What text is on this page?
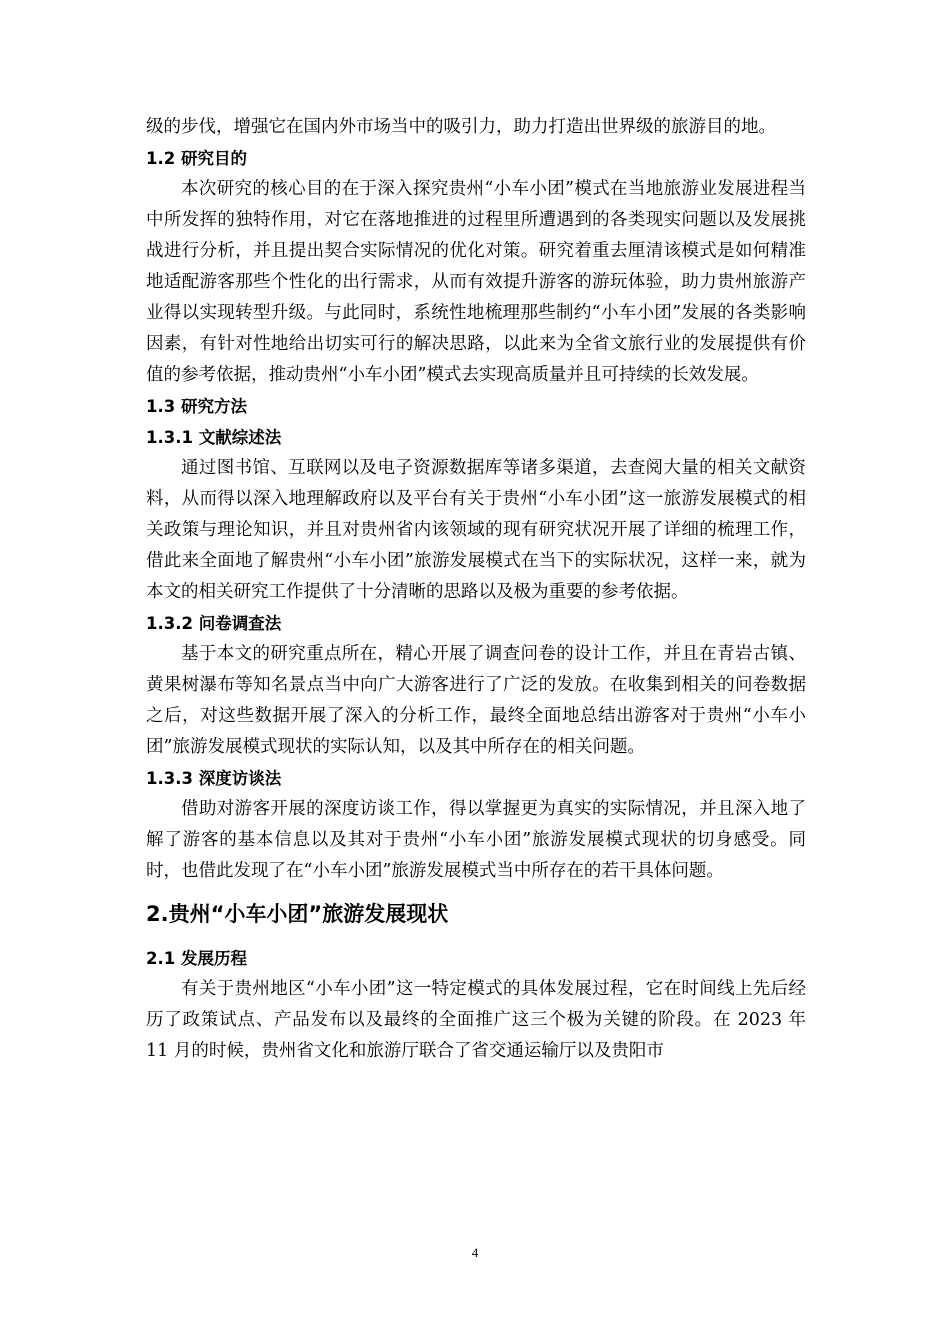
级的步伐，增强它在国内外市场当中的吸引力，助力打造出世界级的旅游目的地。

1.2 研究目的

本次研究的核心目的在于深入探究贵州“小车小团”模式在当地旅游业发展进程当中所发挥的独特作用，对它在落地推进的过程里所遭遇到的各类现实问题以及发展挑战进行分析，并且提出契合实际情况的优化对策。研究着重去厘清该模式是如何精准地适配游客那些个性化的出行需求，从而有效提升游客的游玩体验，助力贵州旅游产业得以实现转型升级。与此同时，系统性地梳理那些制约“小车小团”发展的各类影响因素，有针对性地给出切实可行的解决思路，以此来为全省文旅行业的发展提供有价值的参考依据，推动贵州“小车小团”模式去实现高质量并且可持续的长效发展。

1.3 研究方法
1.3.1 文献综述法

通过图书馆、互联网以及电子资源数据库等诸多渠道，去查阅大量的相关文献资料，从而得以深入地理解政府以及平台有关于贵州“小车小团”这一旅游发展模式的相关政策与理论知识，并且对贵州省内该领域的现有研究状况开展了详细的梳理工作，借此来全面地了解贵州“小车小团”旅游发展模式在当下的实际状况，这样一来，就为本文的相关研究工作提供了十分清晰的思路以及极为重要的参考依据。

1.3.2 问卷调查法

基于本文的研究重点所在，精心开展了调查问卷的设计工作，并且在青岩古镇、黄果树瀑布等知名景点当中向广大游客进行了广泛的发放。在收集到相关的问卷数据之后，对这些数据开展了深入的分析工作，最终全面地总结出游客对于贵州“小车小团”旅游发展模式现状的实际认知，以及其中所存在的相关问题。

1.3.3 深度访谈法

借助对游客开展的深度访谈工作，得以掌握更为真实的实际情况，并且深入地了解了游客的基本信息以及其对于贵州“小车小团”旅游发展模式现状的切身感受。同时，也借此发现了在“小车小团”旅游发展模式当中所存在的若干具体问题。

2.贵州“小车小团”旅游发展现状
2.1 发展历程

有关于贵州地区“小车小团”这一特定模式的具体发展过程，它在时间线上先后经历了政策试点、产品发布以及最终的全面推广这三个极为关键的阶段。在 2023 年 11 月的时候，贵州省文化和旅游厅联合了省交通运输厅以及贵阳市

4
